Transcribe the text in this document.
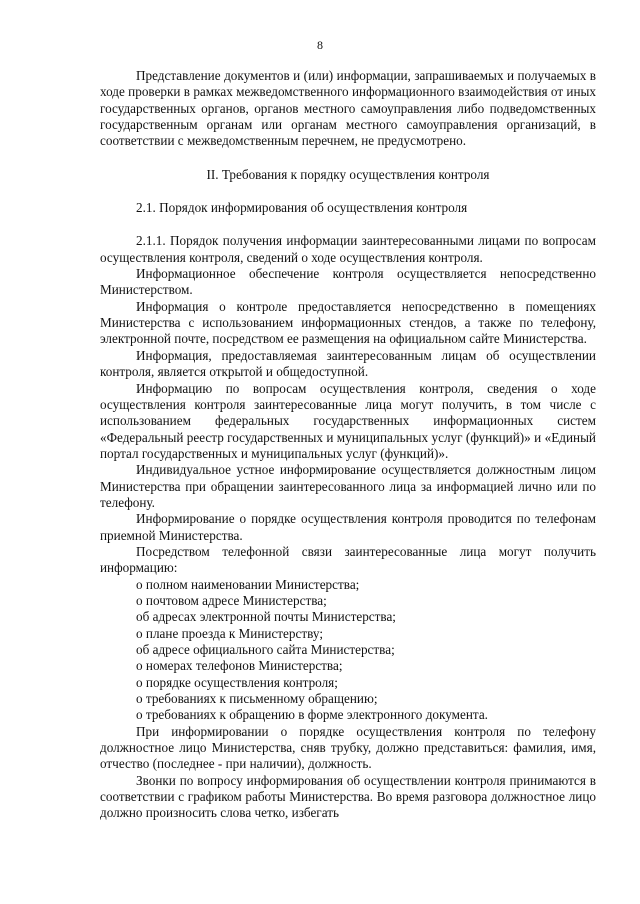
8

Представление документов и (или) информации, запрашиваемых и получаемых в ходе проверки в рамках межведомственного информационного взаимодействия от иных государственных органов, органов местного самоуправления либо подведомственных государственным органам или органам местного самоуправления организаций, в соответствии с межведомственным перечнем, не предусмотрено.

II. Требования к порядку осуществления контроля

2.1. Порядок информирования об осуществления контроля

2.1.1. Порядок получения информации заинтересованными лицами по вопросам осуществления контроля, сведений о ходе осуществления контроля.

Информационное обеспечение контроля осуществляется непосредственно Министерством.

Информация о контроле предоставляется непосредственно в помещениях Министерства с использованием информационных стендов, а также по телефону, электронной почте, посредством ее размещения на официальном сайте Министерства.

Информация, предоставляемая заинтересованным лицам об осуществлении контроля, является открытой и общедоступной.

Информацию по вопросам осуществления контроля, сведения о ходе осуществления контроля заинтересованные лица могут получить, в том числе с использованием федеральных государственных информационных систем «Федеральный реестр государственных и муниципальных услуг (функций)» и «Единый портал государственных и муниципальных услуг (функций)».

Индивидуальное устное информирование осуществляется должностным лицом Министерства при обращении заинтересованного лица за информацией лично или по телефону.

Информирование о порядке осуществления контроля проводится по телефонам приемной Министерства.

Посредством телефонной связи заинтересованные лица могут получить информацию:

о полном наименовании Министерства;

о почтовом адресе Министерства;

об адресах электронной почты Министерства;

о плане проезда к Министерству;

об адресе официального сайта Министерства;

о номерах телефонов Министерства;

о порядке осуществления контроля;

о требованиях к письменному обращению;

о требованиях к обращению в форме электронного документа.

При информировании о порядке осуществления контроля по телефону должностное лицо Министерства, сняв трубку, должно представиться: фамилия, имя, отчество (последнее - при наличии), должность.

Звонки по вопросу информирования об осуществлении контроля принимаются в соответствии с графиком работы Министерства. Во время разговора должностное лицо должно произносить слова четко, избегать
